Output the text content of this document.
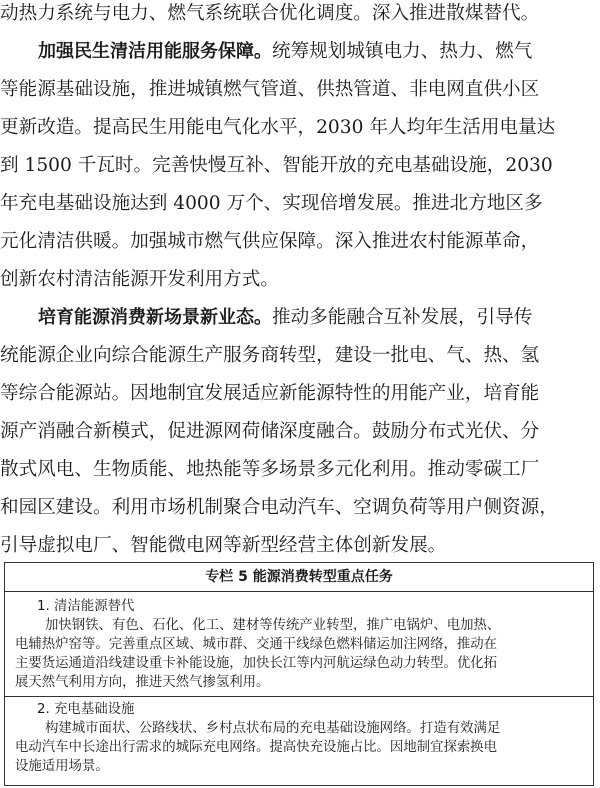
动热力系统与电力、燃气系统联合优化调度。深入推进散煤替代。

加强民生清洁用能服务保障。统筹规划城镇电力、热力、燃气

等能源基础设施，推进城镇燃气管道、供热管道、非电网直供小区

更新改造。提高民生用能电气化水平，2030 年人均年生活用电量达

到 1500 千瓦时。完善快慢互补、智能开放的充电基础设施，2030

年充电基础设施达到 4000 万个、实现倍增发展。推进北方地区多

元化清洁供暖。加强城市燃气供应保障。深入推进农村能源革命，

创新农村清洁能源开发利用方式。

培育能源消费新场景新业态。推动多能融合互补发展，引导传

统能源企业向综合能源生产服务商转型，建设一批电、气、热、氢

等综合能源站。因地制宜发展适应新能源特性的用能产业，培育能

源产消融合新模式，促进源网荷储深度融合。鼓励分布式光伏、分

散式风电、生物质能、地热能等多场景多元化利用。推动零碳工厂

和园区建设。利用市场机制聚合电动汽车、空调负荷等用户侧资源，

引导虚拟电厂、智能微电网等新型经营主体创新发展。

专栏 5 能源消费转型重点任务

1. 清洁能源替代

加快钢铁、有色、石化、化工、建材等传统产业转型，推广电锅炉、电加热、

电辅热炉窑等。完善重点区域、城市群、交通干线绿色燃料储运加注网络，推动在

主要货运通道沿线建设重卡补能设施，加快长江等内河航运绿色动力转型。优化拓

展天然气利用方向，推进天然气掺氢利用。

2. 充电基础设施

构建城市面状、公路线状、乡村点状布局的充电基础设施网络。打造有效满足

电动汽车中长途出行需求的城际充电网络。提高快充设施占比。因地制宜探索换电

设施适用场景。
